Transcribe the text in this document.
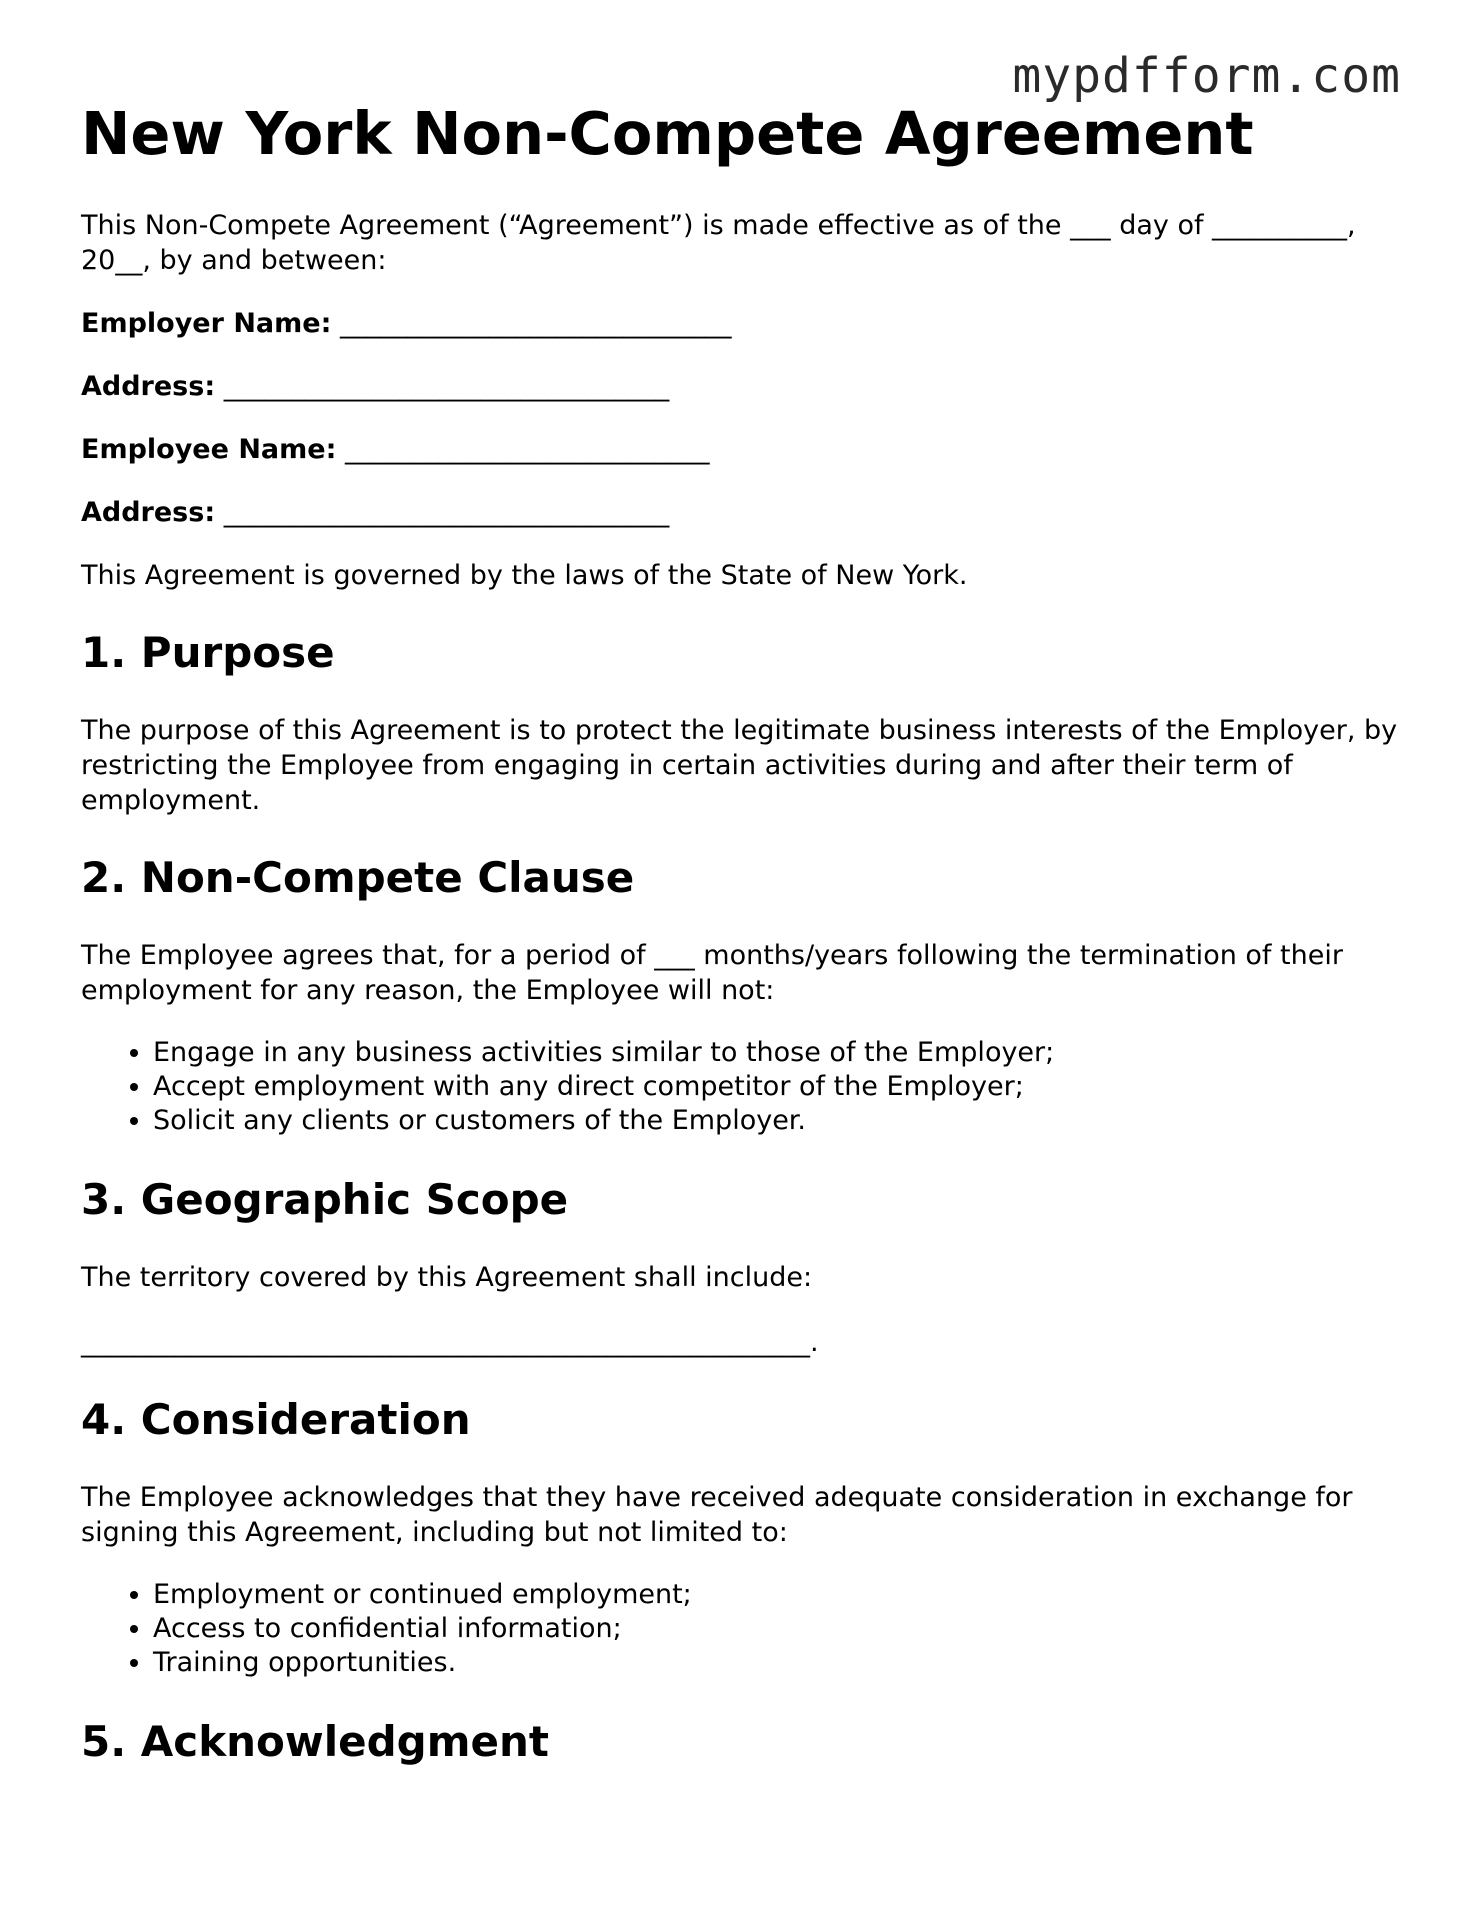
mypdfform.com
New York Non-Compete Agreement

This Non-Compete Agreement (“Agreement”) is made effective as of the ___ day of __________, 20__, by and between:

Employer Name: _____________________________
Address: _________________________________
Employee Name: ___________________________
Address: _________________________________

This Agreement is governed by the laws of the State of New York.

1. Purpose

The purpose of this Agreement is to protect the legitimate business interests of the Employer, by restricting the Employee from engaging in certain activities during and after their term of employment.

2. Non-Compete Clause

The Employee agrees that, for a period of ___ months/years following the termination of their employment for any reason, the Employee will not:

• Engage in any business activities similar to those of the Employer;
• Accept employment with any direct competitor of the Employer;
• Solicit any clients or customers of the Employer.
3. Geographic Scope

The territory covered by this Agreement shall include:

______________________________________________________.

4. Consideration

The Employee acknowledges that they have received adequate consideration in exchange for signing this Agreement, including but not limited to:

• Employment or continued employment;
• Access to confidential information;
• Training opportunities.
5. Acknowledgment
